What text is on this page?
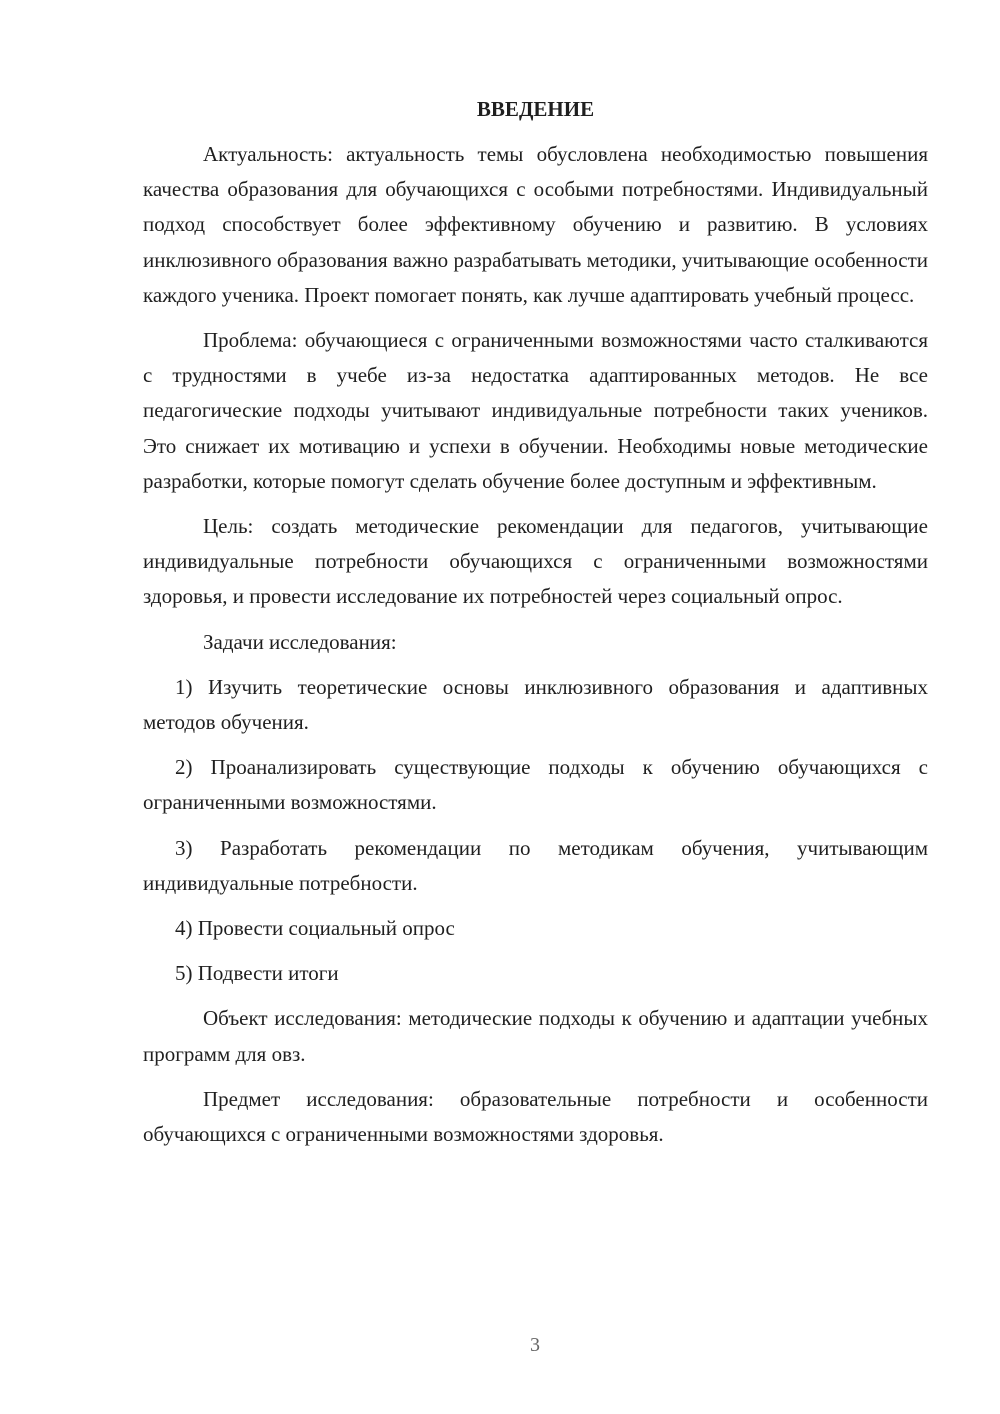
ВВЕДЕНИЕ

Актуальность: актуальность темы обусловлена необходимостью повышения качества образования для обучающихся с особыми потребностями. Индивидуальный подход способствует более эффективному обучению и развитию. В условиях инклюзивного образования важно разрабатывать методики, учитывающие особенности каждого ученика. Проект помогает понять, как лучше адаптировать учебный процесс.

Проблема: обучающиеся с ограниченными возможностями часто сталкиваются с трудностями в учебе из-за недостатка адаптированных методов. Не все педагогические подходы учитывают индивидуальные потребности таких учеников. Это снижает их мотивацию и успехи в обучении. Необходимы новые методические разработки, которые помогут сделать обучение более доступным и эффективным.

Цель: создать методические рекомендации для педагогов, учитывающие индивидуальные потребности обучающихся с ограниченными возможностями здоровья, и провести исследование их потребностей через социальный опрос.

Задачи исследования:

1) Изучить теоретические основы инклюзивного образования и адаптивных методов обучения.

2) Проанализировать существующие подходы к обучению обучающихся с ограниченными возможностями.

3) Разработать рекомендации по методикам обучения, учитывающим индивидуальные потребности.

4) Провести социальный опрос

5) Подвести итоги

Объект исследования: методические подходы к обучению и адаптации учебных программ для овз.

Предмет исследования: образовательные потребности и особенности обучающихся с ограниченными возможностями здоровья.

3
